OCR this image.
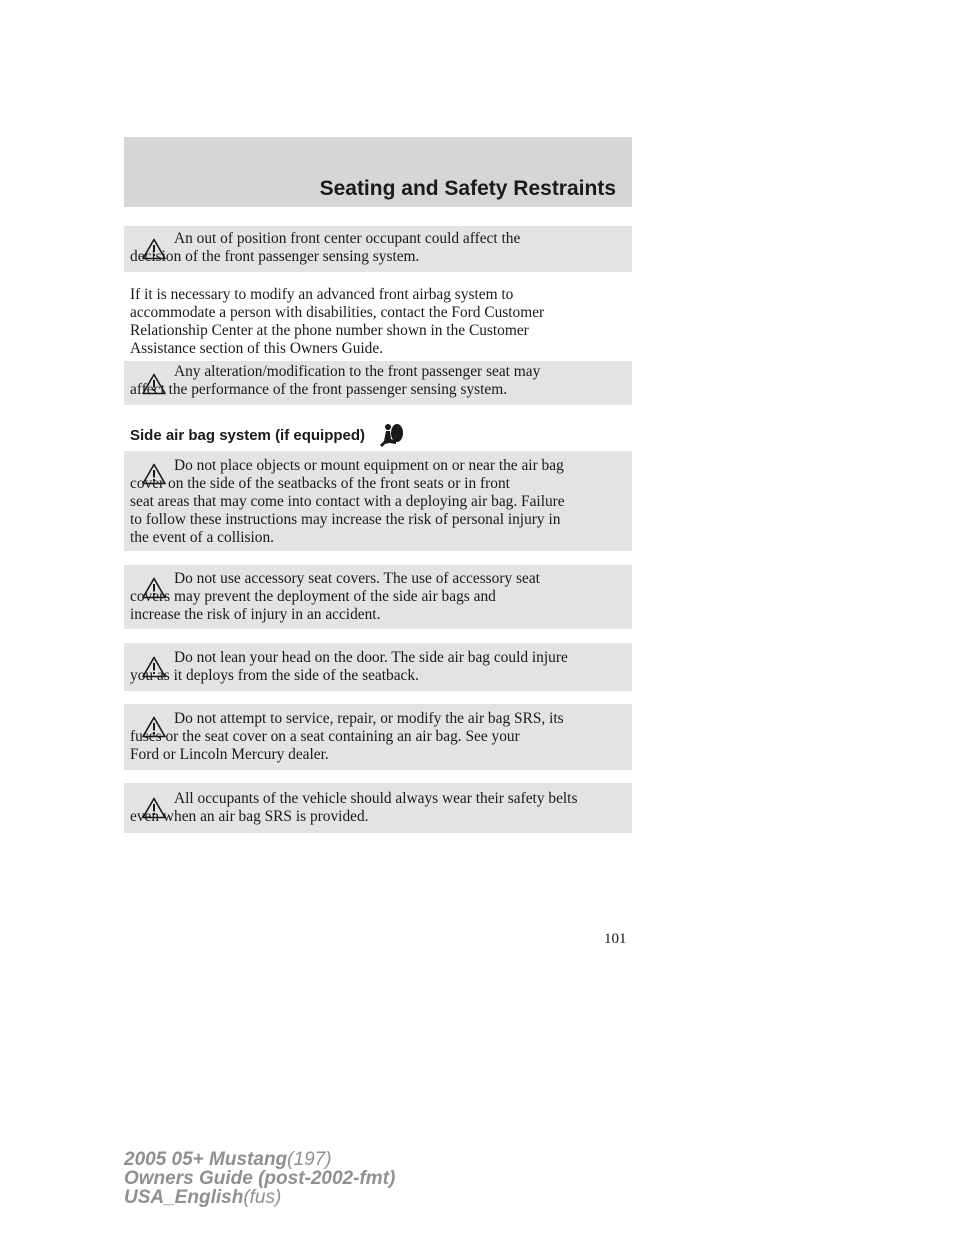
Seating and Safety Restraints
An out of position front center occupant could affect the
decision of the front passenger sensing system.
If it is necessary to modify an advanced front airbag system to
accommodate a person with disabilities, contact the Ford Customer
Relationship Center at the phone number shown in the Customer
Assistance section of this Owners Guide.
Any alteration/modification to the front passenger seat may
affect the performance of the front passenger sensing system.
Side air bag system (if equipped)
Do not place objects or mount equipment on or near the air bag
cover on the side of the seatbacks of the front seats or in front
seat areas that may come into contact with a deploying air bag. Failure
to follow these instructions may increase the risk of personal injury in
the event of a collision.
Do not use accessory seat covers. The use of accessory seat
covers may prevent the deployment of the side air bags and
increase the risk of injury in an accident.
Do not lean your head on the door. The side air bag could injure
you as it deploys from the side of the seatback.
Do not attempt to service, repair, or modify the air bag SRS, its
fuses or the seat cover on a seat containing an air bag. See your
Ford or Lincoln Mercury dealer.
All occupants of the vehicle should always wear their safety belts
even when an air bag SRS is provided.
101
2005 05+ Mustang(197)
Owners Guide (post-2002-fmt)
USA_English(fus)
